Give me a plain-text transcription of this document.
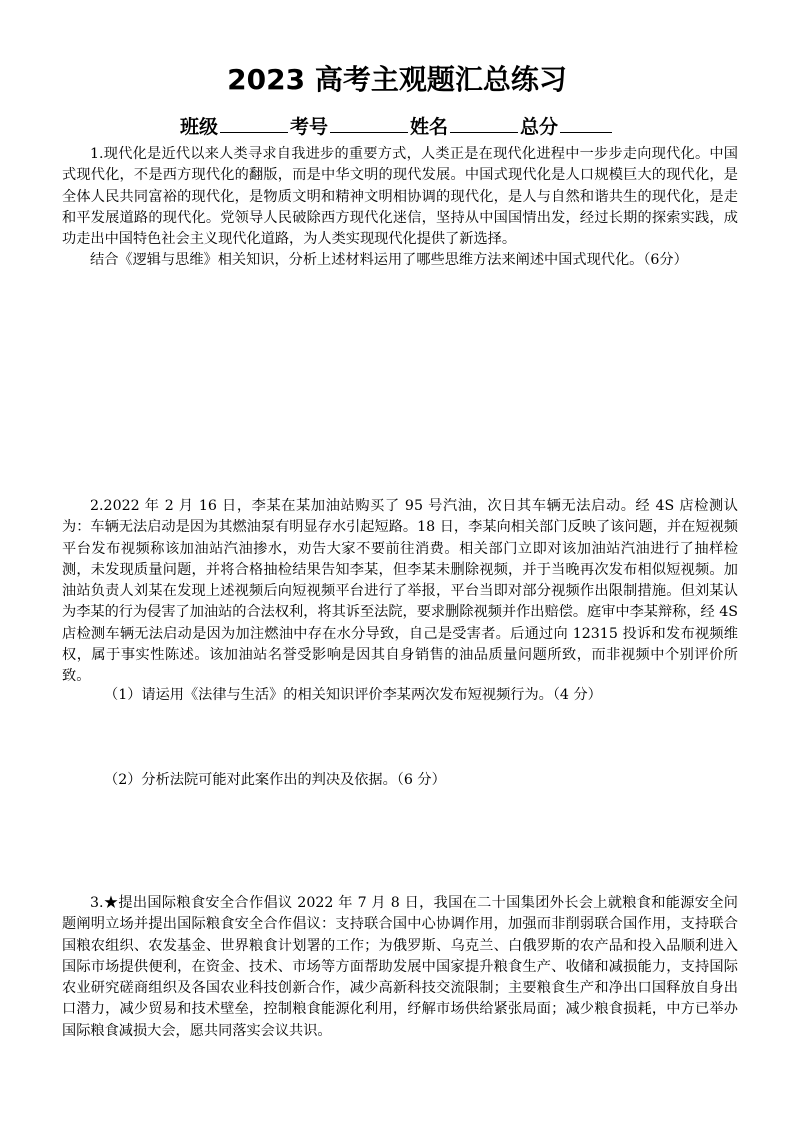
2023 高考主观题汇总练习
班级	考号	姓名	总分

1.现代化是近代以来人类寻求自我进步的重要方式，人类正是在现代化进程中一步步走向现代化。中国式现代化，不是西方现代化的翻版，而是中华文明的现代发展。中国式现代化是人口规模巨大的现代化，是全体人民共同富裕的现代化，是物质文明和精神文明相协调的现代化，是人与自然和谐共生的现代化，是走和平发展道路的现代化。党领导人民破除西方现代化迷信，坚持从中国国情出发，经过长期的探索实践，成功走出中国特色社会主义现代化道路，为人类实现现代化提供了新选择。

结合《逻辑与思维》相关知识，分析上述材料运用了哪些思维方法来阐述中国式现代化。（6分）

2.2022 年 2 月 16 日，李某在某加油站购买了 95 号汽油，次日其车辆无法启动。经 4S 店检测认为：车辆无法启动是因为其燃油泵有明显存水引起短路。18 日，李某向相关部门反映了该问题，并在短视频平台发布视频称该加油站汽油掺水，劝告大家不要前往消费。相关部门立即对该加油站汽油进行了抽样检测，未发现质量问题，并将合格抽检结果告知李某，但李某未删除视频，并于当晚再次发布相似短视频。加油站负责人刘某在发现上述视频后向短视频平台进行了举报，平台当即对部分视频作出限制措施。但刘某认为李某的行为侵害了加油站的合法权利，将其诉至法院，要求删除视频并作出赔偿。庭审中李某辩称，经 4S 店检测车辆无法启动是因为加注燃油中存在水分导致，自己是受害者。后通过向 12315 投诉和发布视频维权，属于事实性陈述。该加油站名誉受影响是因其自身销售的油品质量问题所致，而非视频中个别评价所致。

（1）请运用《法律与生活》的相关知识评价李某两次发布短视频行为。（4 分）

（2）分析法院可能对此案作出的判决及依据。（6 分）

3.★提出国际粮食安全合作倡议 2022 年 7 月 8 日，我国在二十国集团外长会上就粮食和能源安全问题阐明立场并提出国际粮食安全合作倡议：支持联合国中心协调作用，加强而非削弱联合国作用，支持联合国粮农组织、农发基金、世界粮食计划署的工作；为俄罗斯、乌克兰、白俄罗斯的农产品和投入品顺利进入国际市场提供便利，在资金、技术、市场等方面帮助发展中国家提升粮食生产、收储和减损能力，支持国际农业研究磋商组织及各国农业科技创新合作，减少高新科技交流限制；主要粮食生产和净出口国释放自身出口潜力，减少贸易和技术壁垒，控制粮食能源化利用，纾解市场供给紧张局面；减少粮食损耗，中方已举办国际粮食减损大会，愿共同落实会议共识。
